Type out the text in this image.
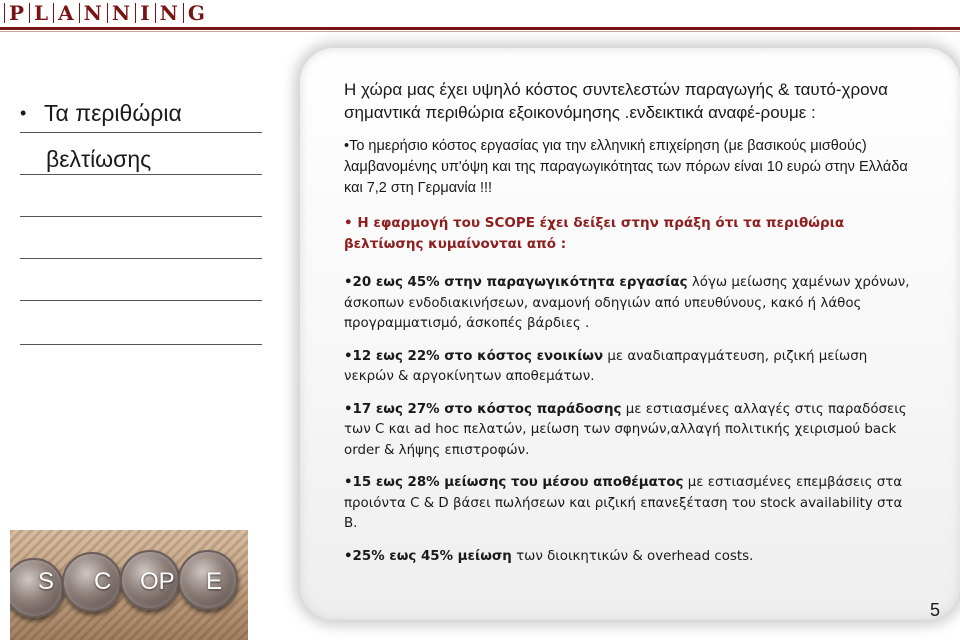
P L A N N I N G
• Τα περιθώρια
βελτίωσης
Η χώρα μας έχει υψηλό κόστος συντελεστών παραγωγής & ταυτό-χρονα σημαντικά περιθώρια εξοικονόμησης .ενδεικτικά αναφέ-ρουμε :
•Το ημερήσιο κόστος εργασίας για την ελληνική επιχείρηση (με βασικούς μισθούς) λαμβανομένης υπ'όψη και της παραγωγικότητας των πόρων είναι 10 ευρώ στην Ελλάδα και 7,2 στη Γερμανία !!!
• Η εφαρμογή του SCOPE έχει δείξει στην πράξη ότι τα περιθώρια βελτίωσης κυμαίνονται από :
•20 εως 45% στην παραγωγικότητα εργασίας λόγω μείωσης χαμένων χρόνων, άσκοπων ενδοδιακινήσεων, αναμονή οδηγιών από υπευθύνους, κακό ή λάθος προγραμματισμό, άσκοπές βάρδιες .
•12 εως 22% στο κόστος ενοικίων με αναδιαπραγμάτευση, ριζική μείωση νεκρών & αργοκίνητων αποθεμάτων.
•17 εως 27% στο κόστος παράδοσης με εστιασμένες αλλαγές στις παραδόσεις των C και ad hoc πελατών, μείωση των σφηνών,αλλαγή πολιτικής χειρισμού back order & λήψης επιστροφών.
•15 εως 28% μείωσης του μέσου αποθέματος με εστιασμένες επεμβάσεις στα προιόντα C & D βάσει πωλήσεων και ριζική επανεξέταση του stock availability στα Β.
•25% εως 45% μείωση των διοικητικών & overhead costs.
S C OP E
5
